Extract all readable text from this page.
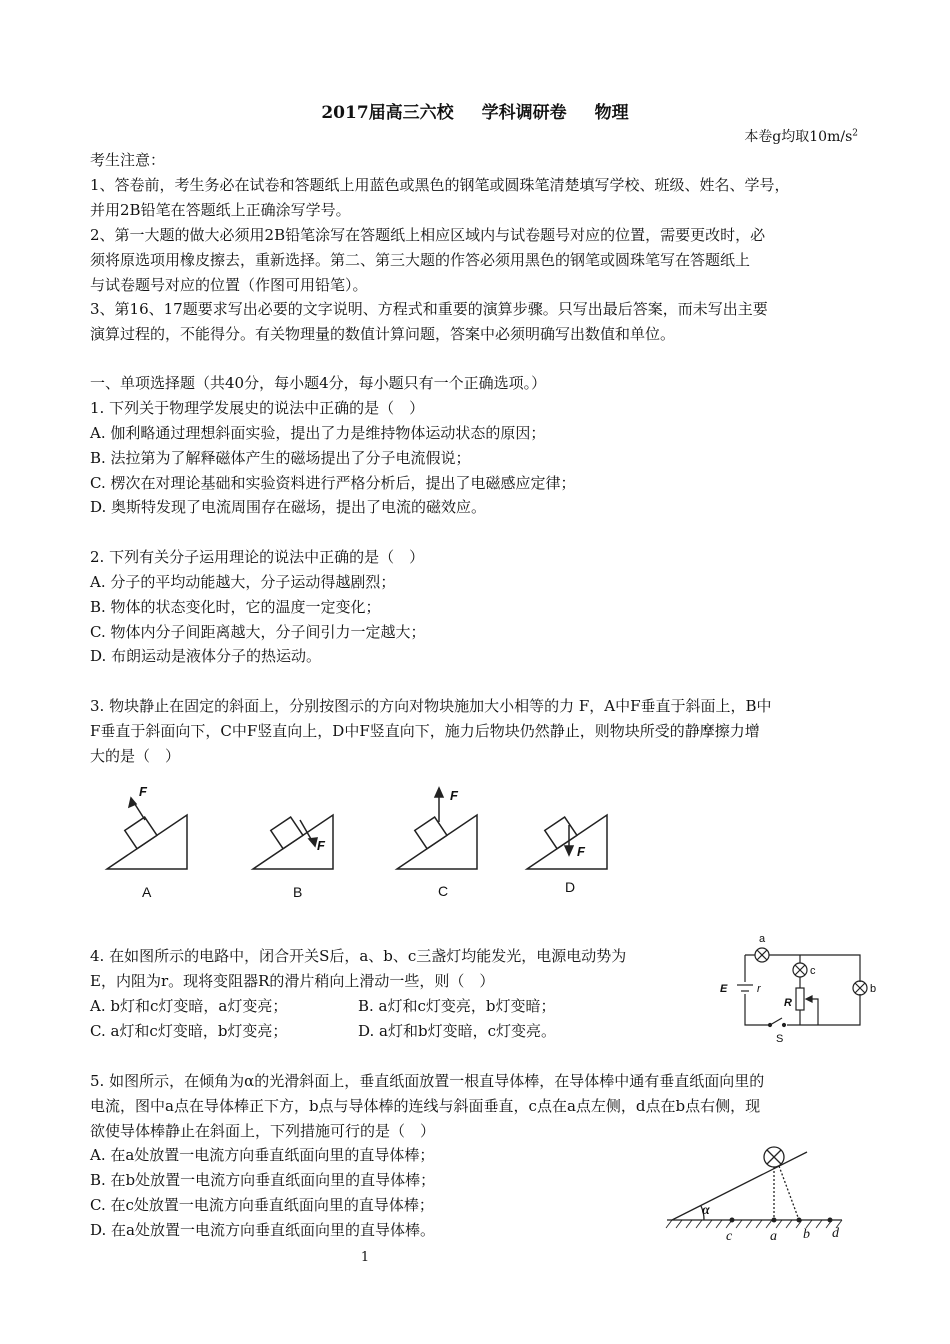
2017届高三六校 学科调研卷 物理
本卷g均取$10m/s^2$
考生注意：
1、答卷前，考生务必在试卷和答题纸上用蓝色或黑色的钢笔或圆珠笔清楚填写学校、班级、姓名、学号，
并用2B铅笔在答题纸上正确涂写学号。
2、第一大题的做大必须用2B铅笔涂写在答题纸上相应区域内与试卷题号对应的位置，需要更改时，必
须将原选项用橡皮擦去，重新选择。第二、第三大题的作答必须用黑色的钢笔或圆珠笔写在答题纸上
与试卷题号对应的位置（作图可用铅笔）。
3、第16、17题要求写出必要的文字说明、方程式和重要的演算步骤。只写出最后答案，而未写出主要
演算过程的，不能得分。有关物理量的数值计算问题，答案中必须明确写出数值和单位。
一、单项选择题（共40分，每小题4分，每小题只有一个正确选项。）
1. 下列关于物理学发展史的说法中正确的是（　）
A. 伽利略通过理想斜面实验，提出了力是维持物体运动状态的原因；
B. 法拉第为了解释磁体产生的磁场提出了分子电流假说；
C. 楞次在对理论基础和实验资料进行严格分析后，提出了电磁感应定律；
D. 奥斯特发现了电流周围存在磁场，提出了电流的磁效应。
2. 下列有关分子运用理论的说法中正确的是（　）
A. 分子的平均动能越大，分子运动得越剧烈；
B. 物体的状态变化时，它的温度一定变化；
C. 物体内分子间距离越大，分子间引力一定越大；
D. 布朗运动是液体分子的热运动。
3. 物块静止在固定的斜面上，分别按图示的方向对物块施加大小相等的力 F，A中F垂直于斜面上，B中
F垂直于斜面向下，C中F竖直向上，D中F竖直向下，施力后物块仍然静止，则物块所受的静摩擦力增
大的是（　）
F
F
F
F
A	B	C	D
4. 在如图所示的电路中，闭合开关S后，a、b、c三盏灯均能发光，电源电动势为
E，内阻为r。现将变阻器R的滑片稍向上滑动一些，则（　）
A. b灯和c灯变暗，a灯变亮；	B. a灯和c灯变亮，b灯变暗；
C. a灯和c灯变暗，b灯变亮；	D. a灯和b灯变暗，c灯变亮。
a
b
c
E	r
R
S
5. 如图所示，在倾角为α的光滑斜面上，垂直纸面放置一根直导体棒，在导体棒中通有垂直纸面向里的
电流，图中a点在导体棒正下方，b点与导体棒的连线与斜面垂直，c点在a点左侧，d点在b点右侧，现
欲使导体棒静止在斜面上，下列措施可行的是（　）
A. 在a处放置一电流方向垂直纸面向里的直导体棒；
B. 在b处放置一电流方向垂直纸面向里的直导体棒；
C. 在c处放置一电流方向垂直纸面向里的直导体棒；
D. 在a处放置一电流方向垂直纸面向里的直导体棒。
α
c	a b d
1
